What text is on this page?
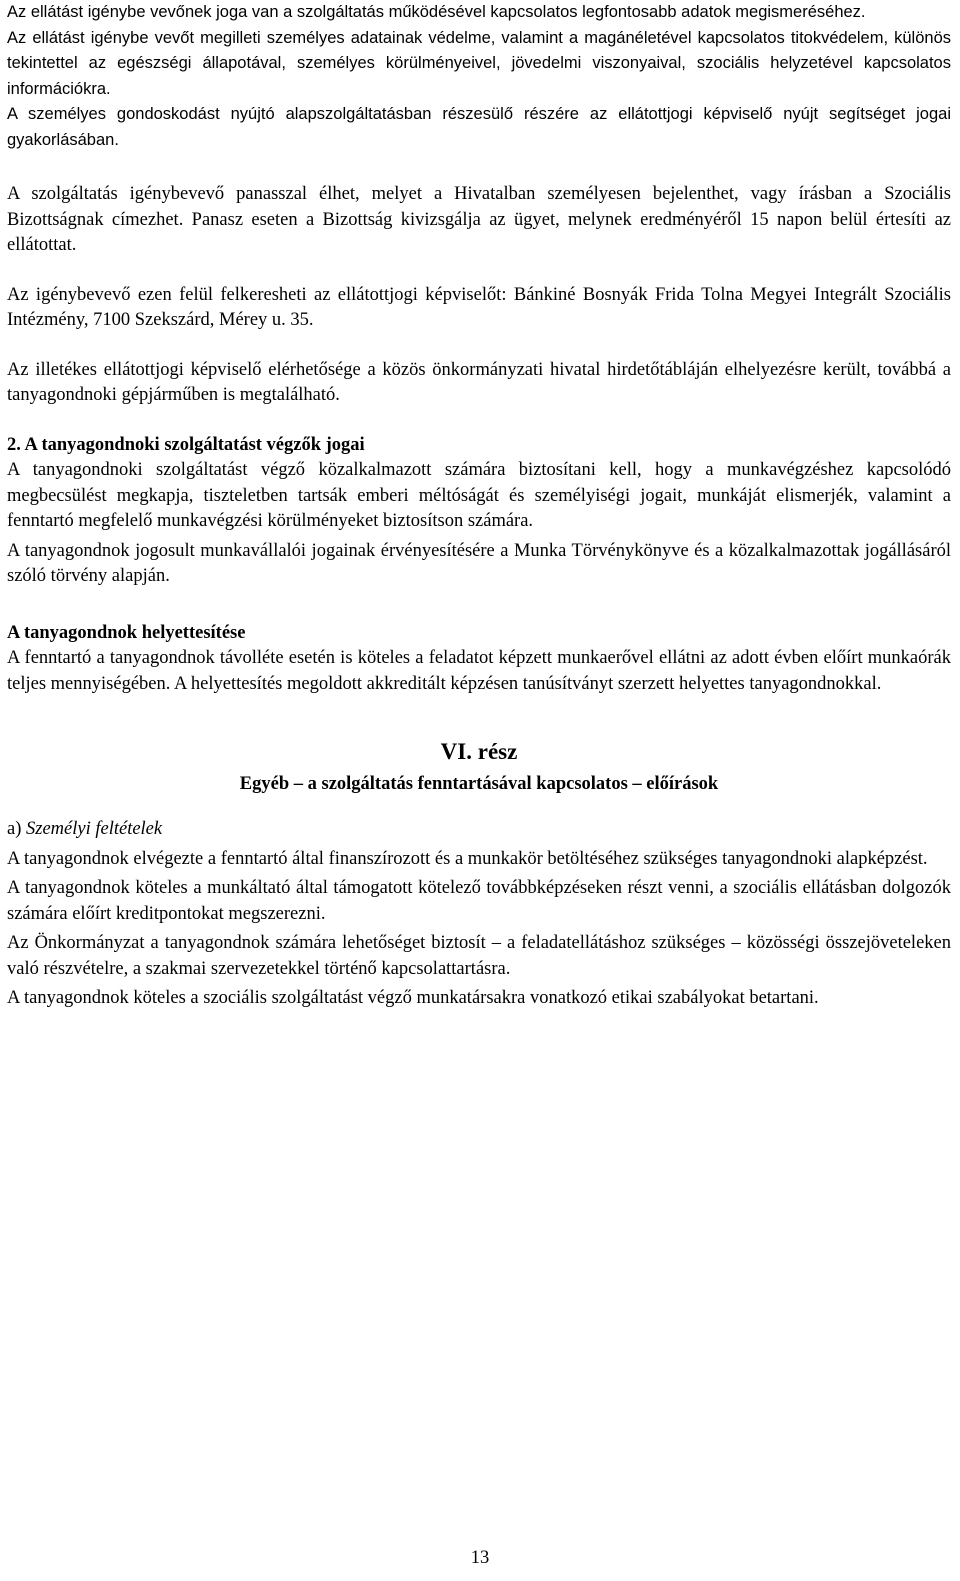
Az ellátást igénybe vevőnek joga van a szolgáltatás működésével kapcsolatos legfontosabb adatok megismeréséhez.

Az ellátást igénybe vevőt megilleti személyes adatainak védelme, valamint a magánéletével kapcsolatos titokvédelem, különös tekintettel az egészségi állapotával, személyes körülményeivel, jövedelmi viszonyaival, szociális helyzetével kapcsolatos információkra.

A személyes gondoskodást nyújtó alapszolgáltatásban részesülő részére az ellátottjogi képviselő nyújt segítséget jogai gyakorlásában.

A szolgáltatás igénybevevő panasszal élhet, melyet a Hivatalban személyesen bejelenthet, vagy írásban a Szociális Bizottságnak címezhet. Panasz eseten a Bizottság kivizsgálja az ügyet, melynek eredményéről 15 napon belül értesíti az ellátottat.

Az igénybevevő ezen felül felkeresheti az ellátottjogi képviselőt: Bánkiné Bosnyák Frida Tolna Megyei Integrált Szociális Intézmény, 7100 Szekszárd, Mérey u. 35.

Az illetékes ellátottjogi képviselő elérhetősége a közös önkormányzati hivatal hirdetőtábláján elhelyezésre került, továbbá a tanyagondnoki gépjárműben is megtalálható.

2. A tanyagondnoki szolgáltatást végzők jogai

A tanyagondnoki szolgáltatást végző közalkalmazott számára biztosítani kell, hogy a munkavégzéshez kapcsolódó megbecsülést megkapja, tiszteletben tartsák emberi méltóságát és személyiségi jogait, munkáját elismerjék, valamint a fenntartó megfelelő munkavégzési körülményeket biztosítson számára.

A tanyagondnok jogosult munkavállalói jogainak érvényesítésére a Munka Törvénykönyve és a közalkalmazottak jogállásáról szóló törvény alapján.

A tanyagondnok helyettesítése

A fenntartó a tanyagondnok távolléte esetén is köteles a feladatot képzett munkaerővel ellátni az adott évben előírt munkaórák teljes mennyiségében. A helyettesítés megoldott akkreditált képzésen tanúsítványt szerzett helyettes tanyagondnokkal.

VI. rész
Egyéb – a szolgáltatás fenntartásával kapcsolatos – előírások
a) Személyi feltételek

A tanyagondnok elvégezte a fenntartó által finanszírozott és a munkakör betöltéséhez szükséges tanyagondnoki alapképzést.

A tanyagondnok köteles a munkáltató által támogatott kötelező továbbképzéseken részt venni, a szociális ellátásban dolgozók számára előírt kreditpontokat megszerezni.

Az Önkormányzat a tanyagondnok számára lehetőséget biztosít – a feladatellátáshoz szükséges – közösségi összejöveteleken való részvételre, a szakmai szervezetekkel történő kapcsolattartásra.

A tanyagondnok köteles a szociális szolgáltatást végző munkatársakra vonatkozó etikai szabályokat betartani.

13
